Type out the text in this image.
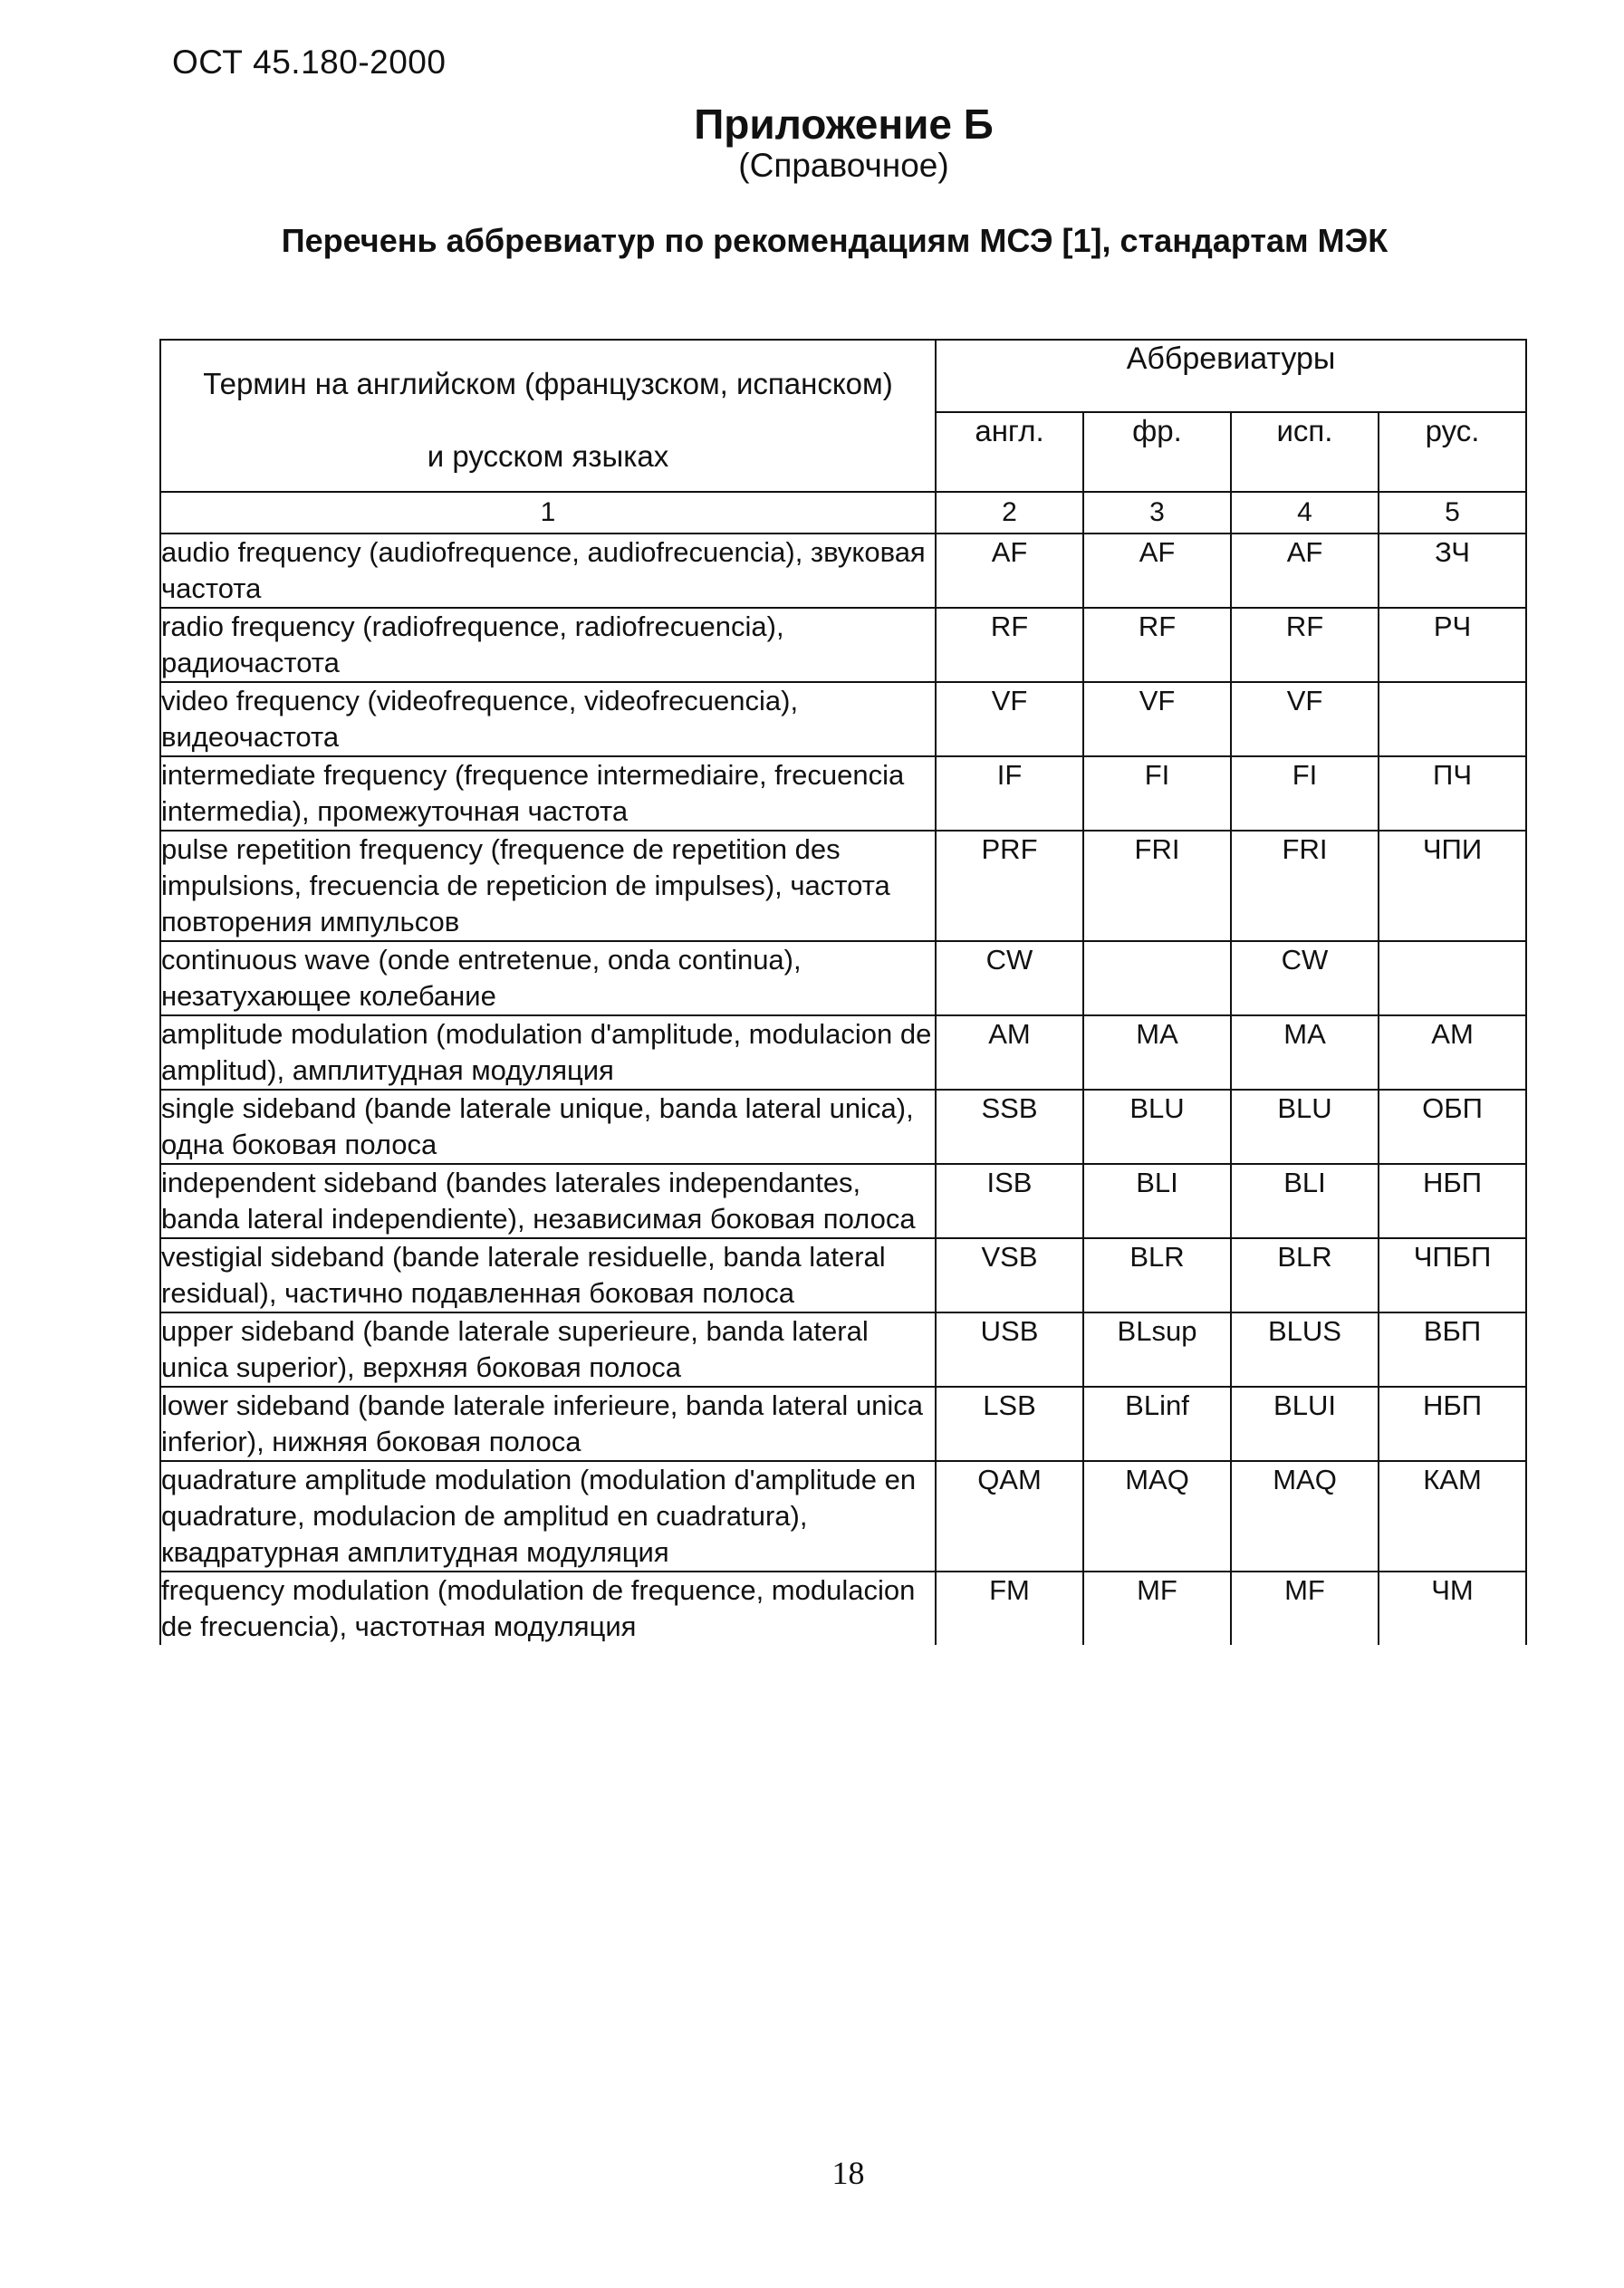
ОСТ 45.180-2000
Приложение Б
(Справочное)
Перечень аббревиатур по рекомендациям МСЭ [1], стандартам МЭК
Термин на английском (французском, испанском)
и русском языках	Аббревиатуры			
	англ.	фр.	исп.	рус.
1	2	3	4	5
audio frequency (audiofrequence, audiofrecuencia), звуковая частота	AF	AF	AF	ЗЧ
radio frequency (radiofrequence, radiofrecuencia), радиочастота	RF	RF	RF	РЧ
video frequency (videofrequence, videofrecuencia), видеочастота	VF	VF	VF	
intermediate frequency (frequence intermediaire, frecuencia intermedia), промежуточная частота	IF	FI	FI	ПЧ
pulse repetition frequency (frequence de repetition des impulsions, frecuencia de repeticion de impulses), частота повторения импульсов	PRF	FRI	FRI	ЧПИ
continuous wave (onde entretenue, onda continua), незатухающее колебание	CW		CW	
amplitude modulation (modulation d'amplitude, modulacion de amplitud), амплитудная модуляция	AM	MA	MA	AM
single sideband (bande laterale unique, banda lateral unica), одна боковая полоса	SSB	BLU	BLU	ОБП
independent sideband (bandes laterales independantes, banda lateral independiente), независимая боковая полоса	ISB	BLI	BLI	НБП
vestigial sideband (bande laterale residuelle, banda lateral residual), частично подавленная боковая полоса	VSB	BLR	BLR	ЧПБП
upper sideband (bande laterale superieure, banda lateral unica superior), верхняя боковая полоса	USB	BLsup	BLUS	ВБП
lower sideband (bande laterale inferieure, banda lateral unica inferior), нижняя боковая полоса	LSB	BLinf	BLUI	НБП
quadrature amplitude modulation (modulation d'amplitude en quadrature, modulacion de amplitud en cuadratura), квадратурная амплитудная модуляция	QAM	MAQ	MAQ	КАМ
frequency modulation (modulation de frequence, modulacion de frecuencia), частотная модуляция	FM	MF	MF	ЧМ
18
